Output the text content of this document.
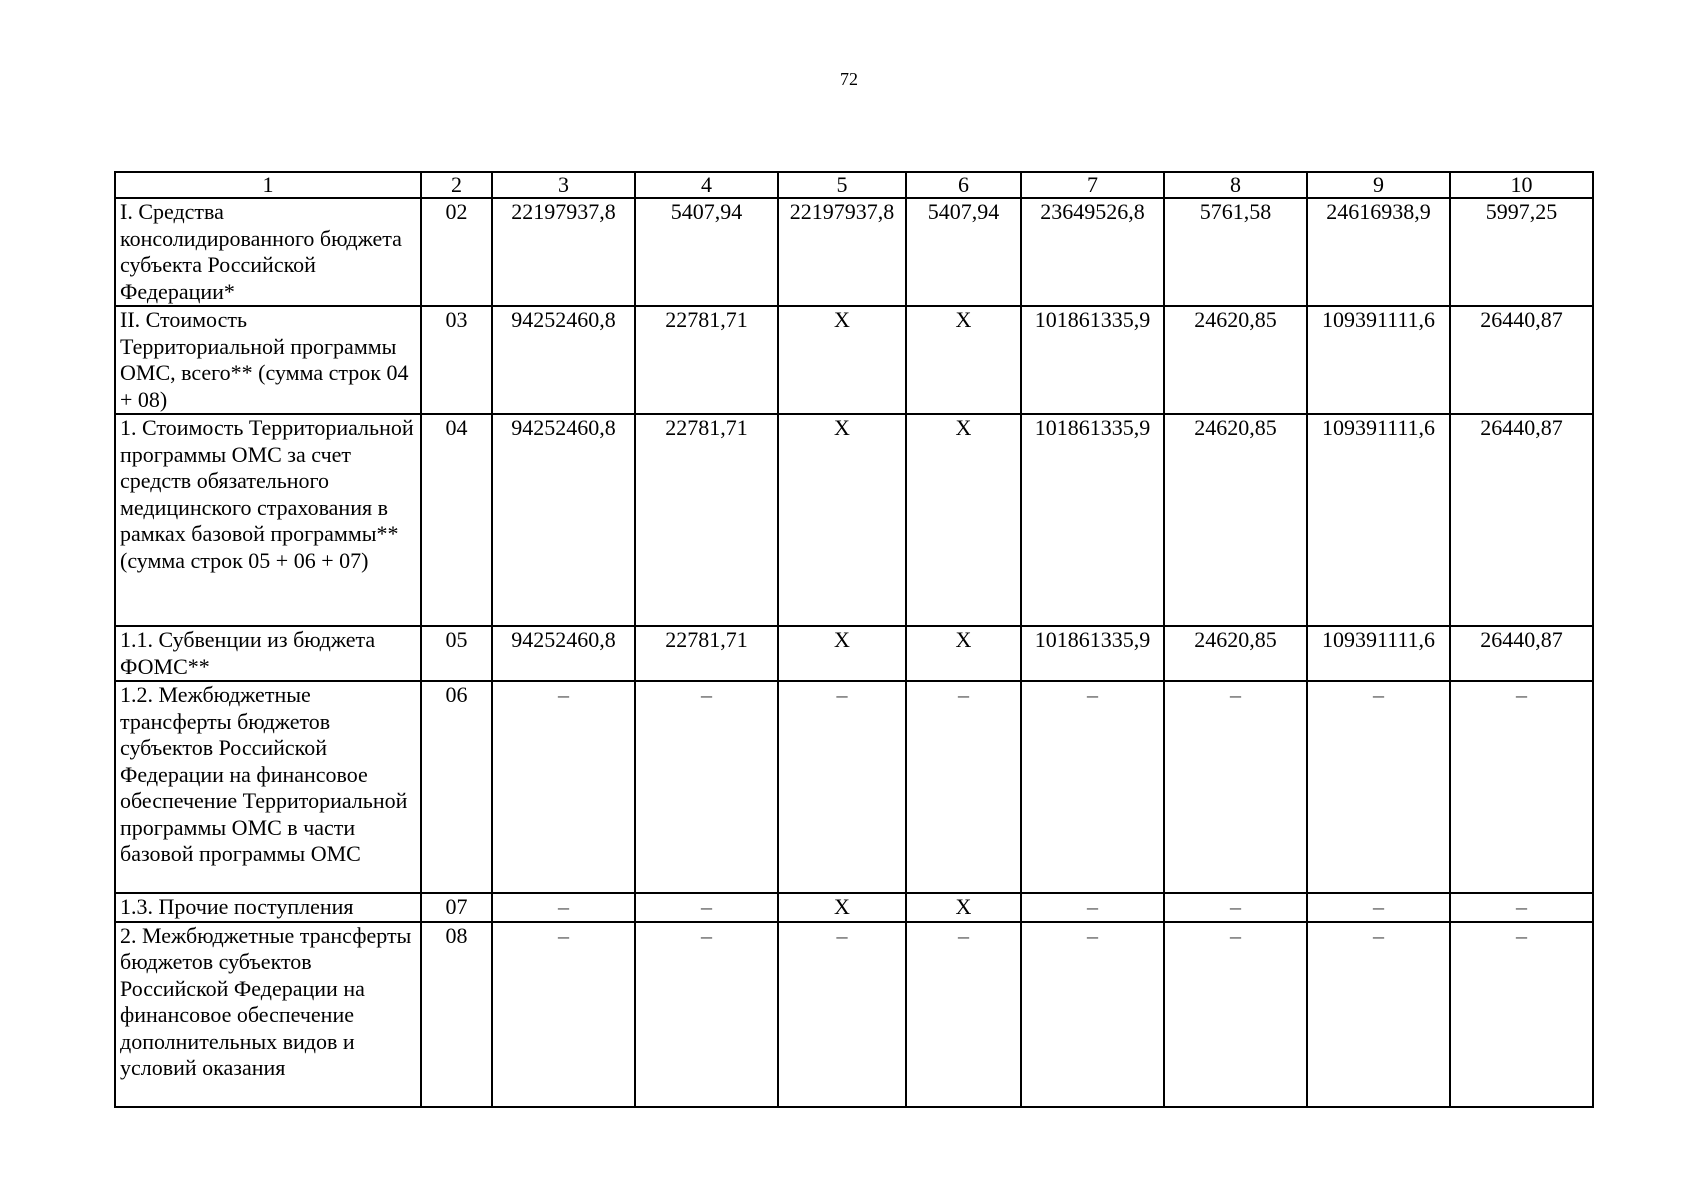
72
1	2	3	4	5	6	7	8	9	10
I. Средства консолидированного бюджета субъекта Российской Федерации*	02	22197937,8	5407,94	22197937,8	5407,94	23649526,8	5761,58	24616938,9	5997,25
II. Стоимость Территориальной программы ОМС, всего** (сумма строк 04 + 08)	03	94252460,8	22781,71	Х	Х	101861335,9	24620,85	109391111,6	26440,87
1. Стоимость Территориальной программы ОМС за счет средств обязательного медицинского страхования в рамках базовой программы** (сумма строк 05 + 06 + 07)	04	94252460,8	22781,71	Х	Х	101861335,9	24620,85	109391111,6	26440,87
1.1. Субвенции из бюджета ФОМС**	05	94252460,8	22781,71	Х	Х	101861335,9	24620,85	109391111,6	26440,87
1.2. Межбюджетные трансферты бюджетов субъектов Российской Федерации на финансовое обеспечение Территориальной программы ОМС в части базовой программы ОМС	06	–	–	–	–	–	–	–	–
1.3. Прочие поступления	07	–	–	Х	Х	–	–	–	–
2. Межбюджетные трансферты бюджетов субъектов Российской Федерации на финансовое обеспечение дополнительных видов и условий оказания	08	–	–	–	–	–	–	–	–
